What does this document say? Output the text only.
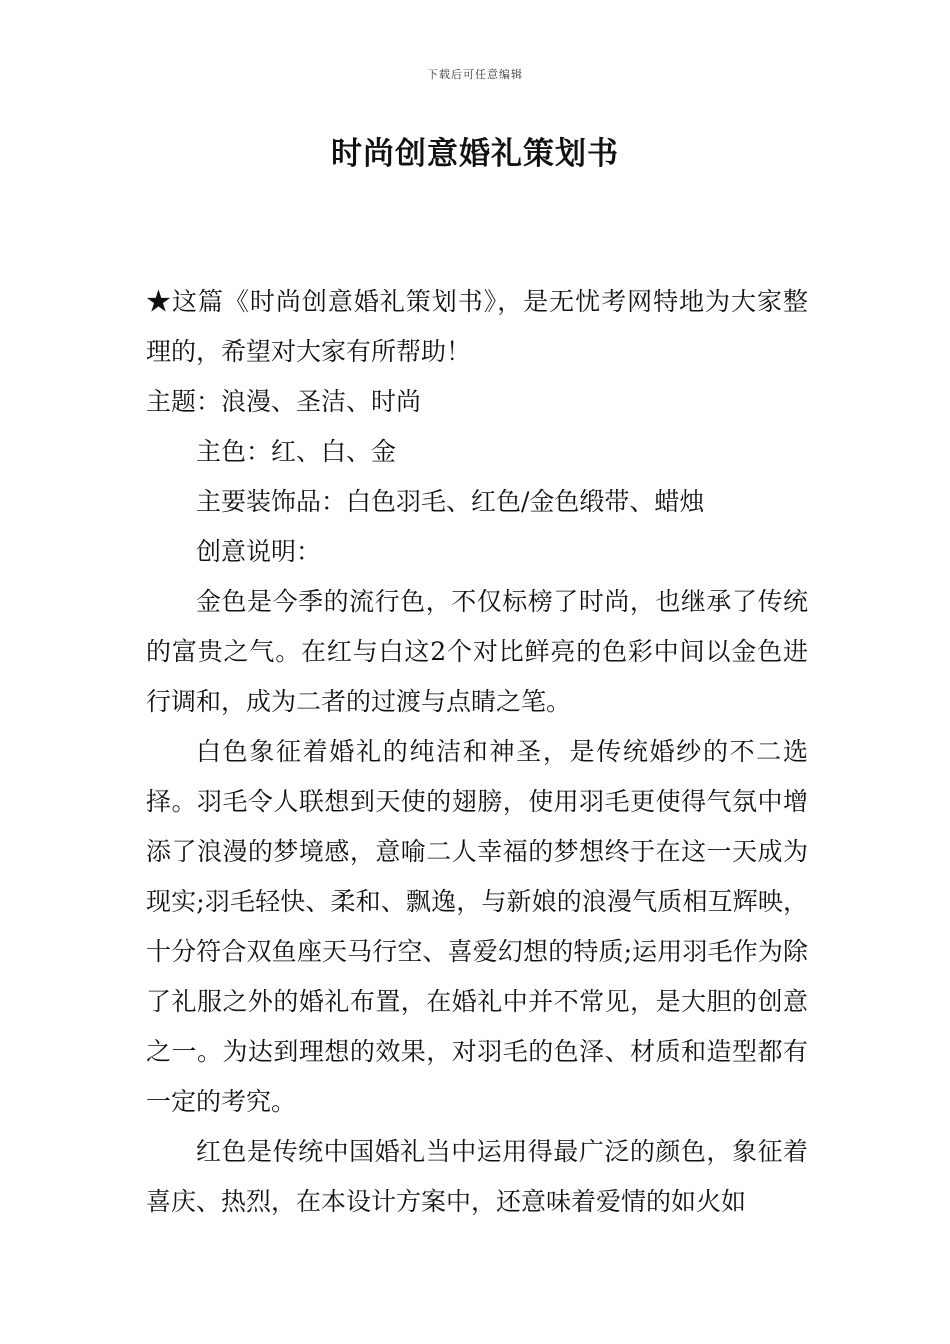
下载后可任意编辑
时尚创意婚礼策划书

★这篇《时尚创意婚礼策划书》，是无忧考网特地为大家整理的，希望对大家有所帮助！

主题：浪漫、圣洁、时尚

主色：红、白、金

主要装饰品：白色羽毛、红色/金色缎带、蜡烛

创意说明：

金色是今季的流行色，不仅标榜了时尚，也继承了传统的富贵之气。在红与白这2个对比鲜亮的色彩中间以金色进行调和，成为二者的过渡与点睛之笔。

白色象征着婚礼的纯洁和神圣，是传统婚纱的不二选择。羽毛令人联想到天使的翅膀，使用羽毛更使得气氛中增添了浪漫的梦境感，意喻二人幸福的梦想终于在这一天成为现实;羽毛轻快、柔和、飘逸，与新娘的浪漫气质相互辉映，十分符合双鱼座天马行空、喜爱幻想的特质;运用羽毛作为除了礼服之外的婚礼布置，在婚礼中并不常见，是大胆的创意之一。为达到理想的效果，对羽毛的色泽、材质和造型都有一定的考究。

红色是传统中国婚礼当中运用得最广泛的颜色，象征着喜庆、热烈，在本设计方案中，还意味着爱情的如火如
